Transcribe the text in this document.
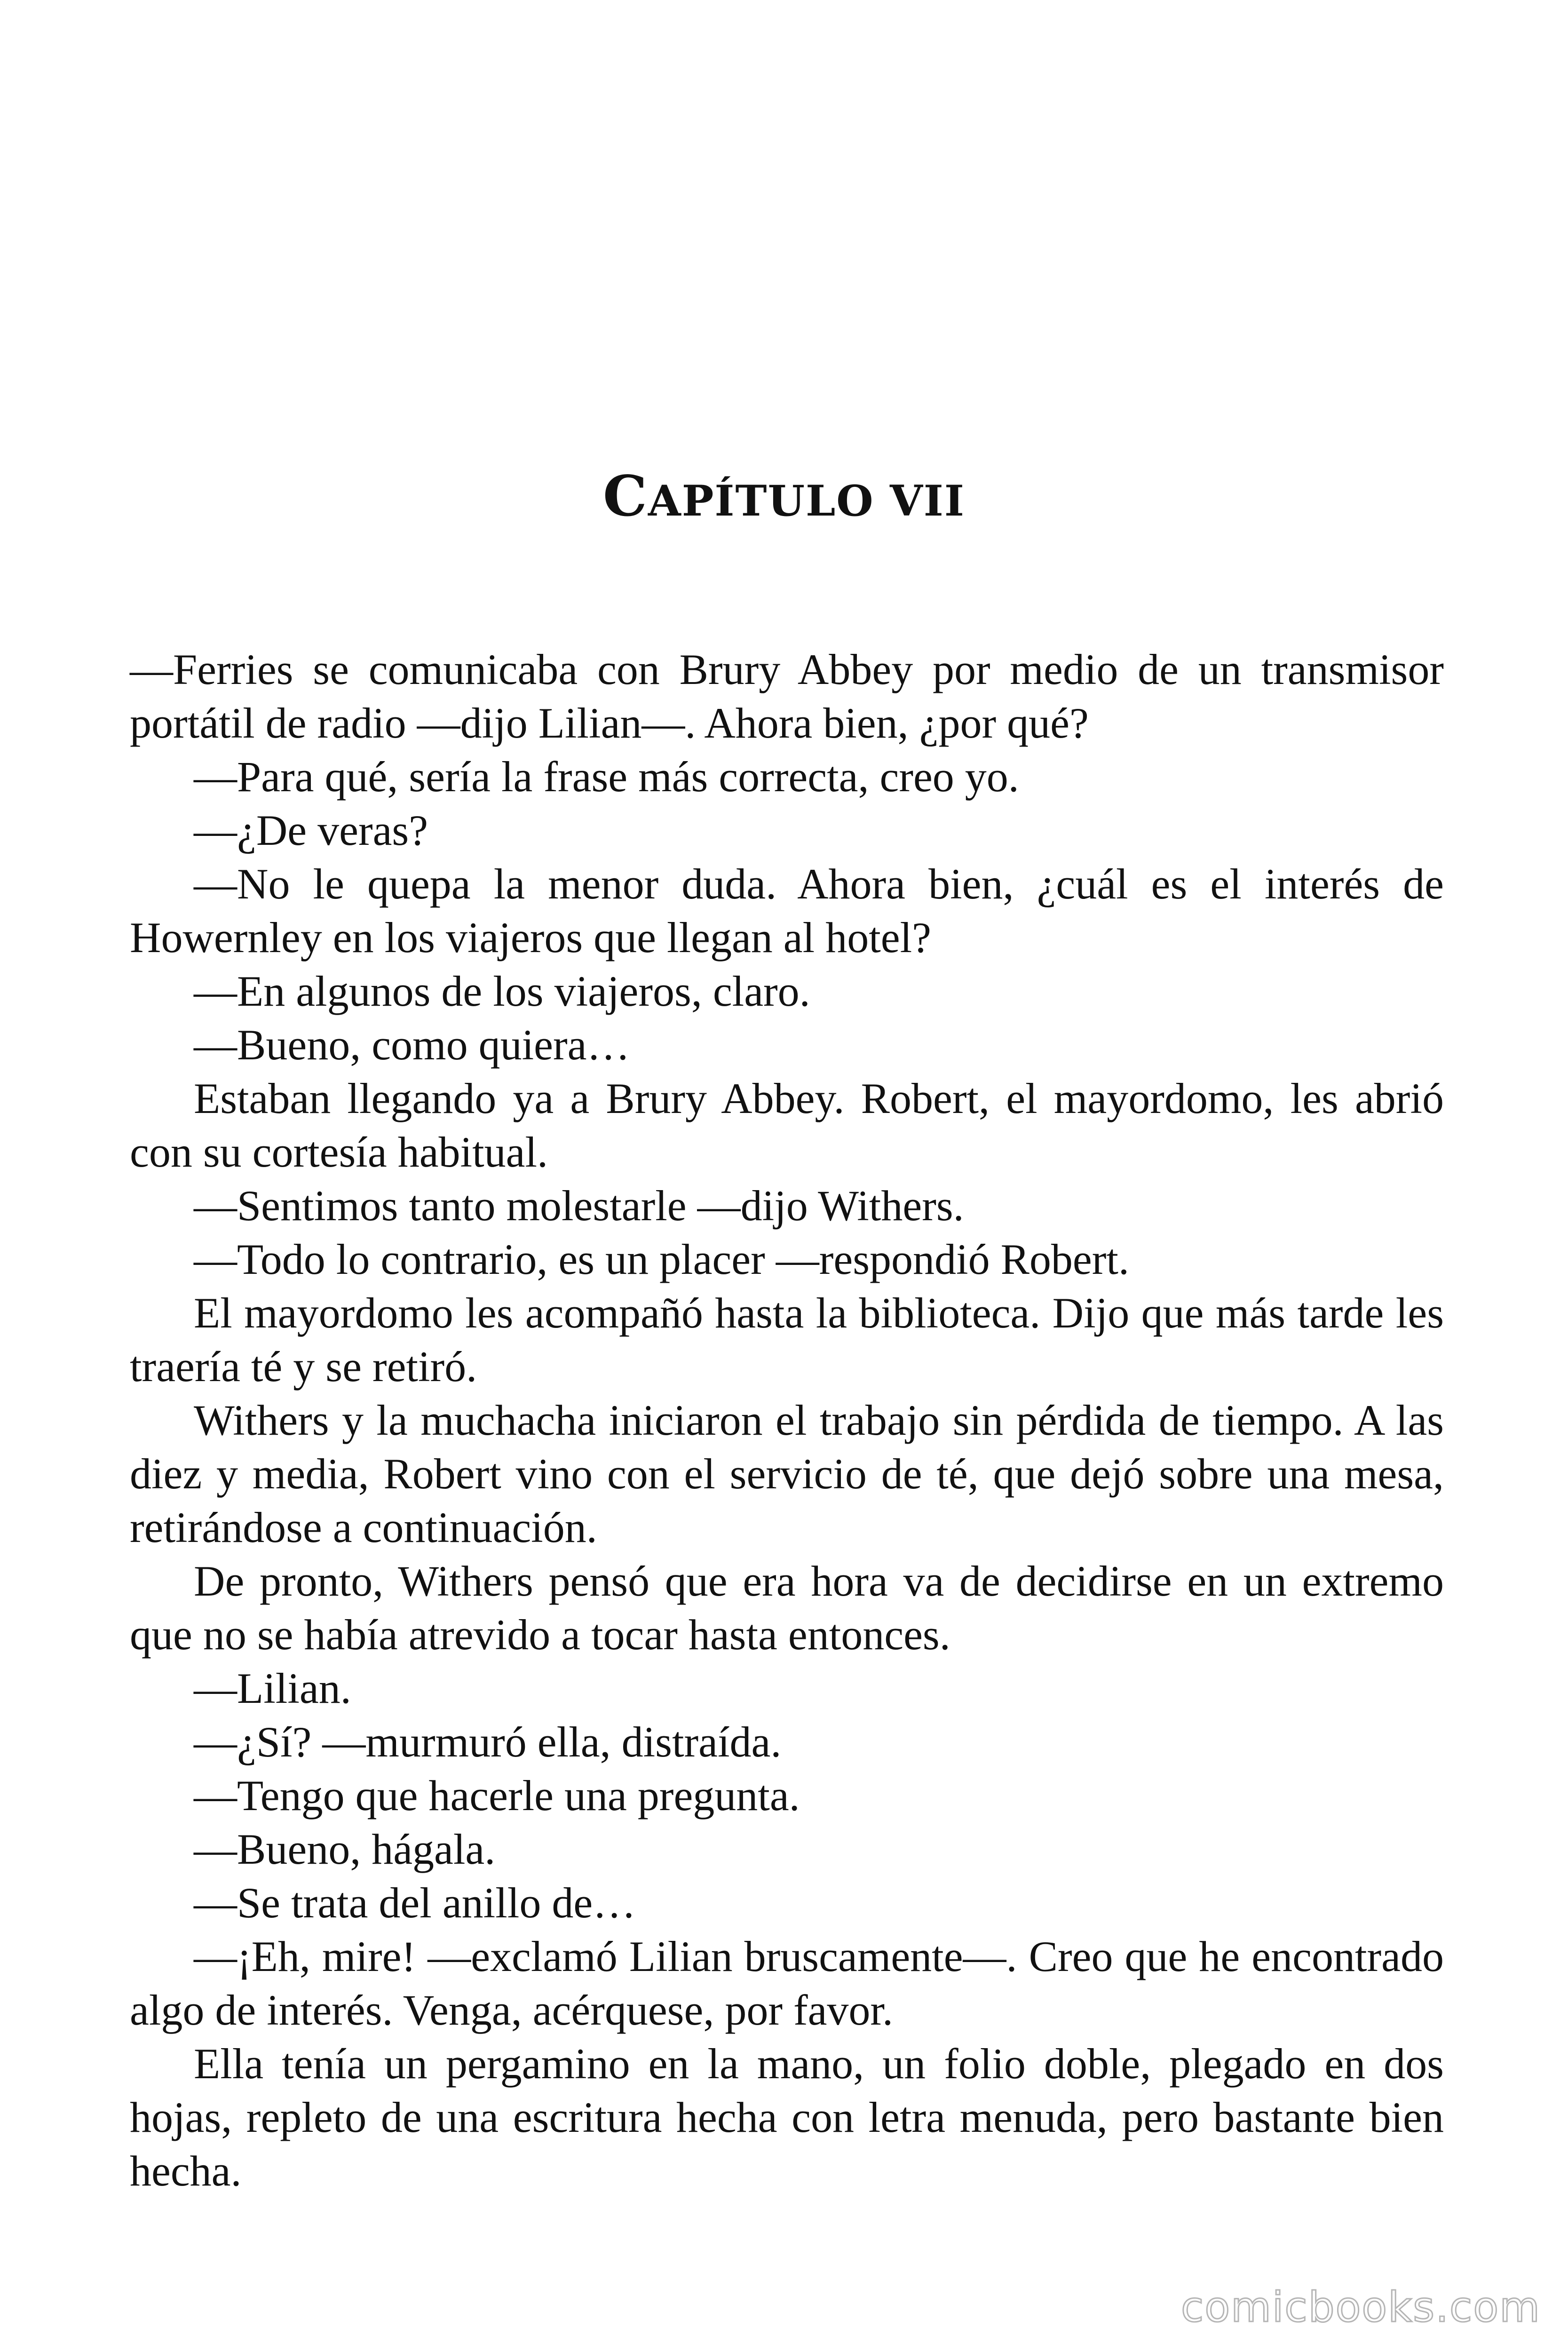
CAPÍTULO VII

—Ferries se comunicaba con Brury Abbey por medio de un transmisor portátil de radio —dijo Lilian—. Ahora bien, ¿por qué?

—Para qué, sería la frase más correcta, creo yo.

—¿De veras?

—No le quepa la menor duda. Ahora bien, ¿cuál es el interés de Howernley en los viajeros que llegan al hotel?

—En algunos de los viajeros, claro.

—Bueno, como quiera…

Estaban llegando ya a Brury Abbey. Robert, el mayordomo, les abrió con su cortesía habitual.

—Sentimos tanto molestarle —dijo Withers.

—Todo lo contrario, es un placer —respondió Robert.

El mayordomo les acompañó hasta la biblioteca. Dijo que más tarde les traería té y se retiró.

Withers y la muchacha iniciaron el trabajo sin pérdida de tiempo. A las diez y media, Robert vino con el servicio de té, que dejó sobre una mesa, retirándose a continuación.

De pronto, Withers pensó que era hora va de decidirse en un extremo que no se había atrevido a tocar hasta entonces.

—Lilian.

—¿Sí? —murmuró ella, distraída.

—Tengo que hacerle una pregunta.

—Bueno, hágala.

—Se trata del anillo de…

—¡Eh, mire! —exclamó Lilian bruscamente—. Creo que he encontrado algo de interés. Venga, acérquese, por favor.

Ella tenía un pergamino en la mano, un folio doble, plegado en dos hojas, repleto de una escritura hecha con letra menuda, pero bastante bien hecha.

comicbooks.com
